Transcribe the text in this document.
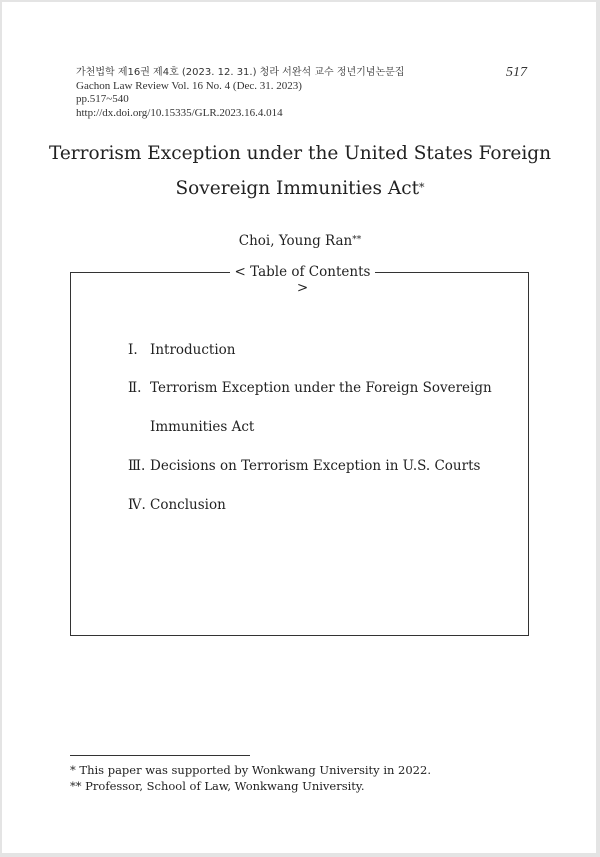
가천법학 제16권 제4호 (2023. 12. 31.) 청라 서완석 교수 정년기념논문집
Gachon Law Review Vol. 16 No. 4 (Dec. 31. 2023)
pp.517~540
http://dx.doi.org/10.15335/GLR.2023.16.4.014
517
Terrorism Exception under the United States Foreign
Sovereign Immunities Act*
Choi, Young Ran**
< Table of Contents >
Ⅰ. Introduction
Ⅱ. Terrorism Exception under the Foreign Sovereign
Immunities Act
Ⅲ. Decisions on Terrorism Exception in U.S. Courts
Ⅳ. Conclusion
* This paper was supported by Wonkwang University in 2022.
** Professor, School of Law, Wonkwang University.
